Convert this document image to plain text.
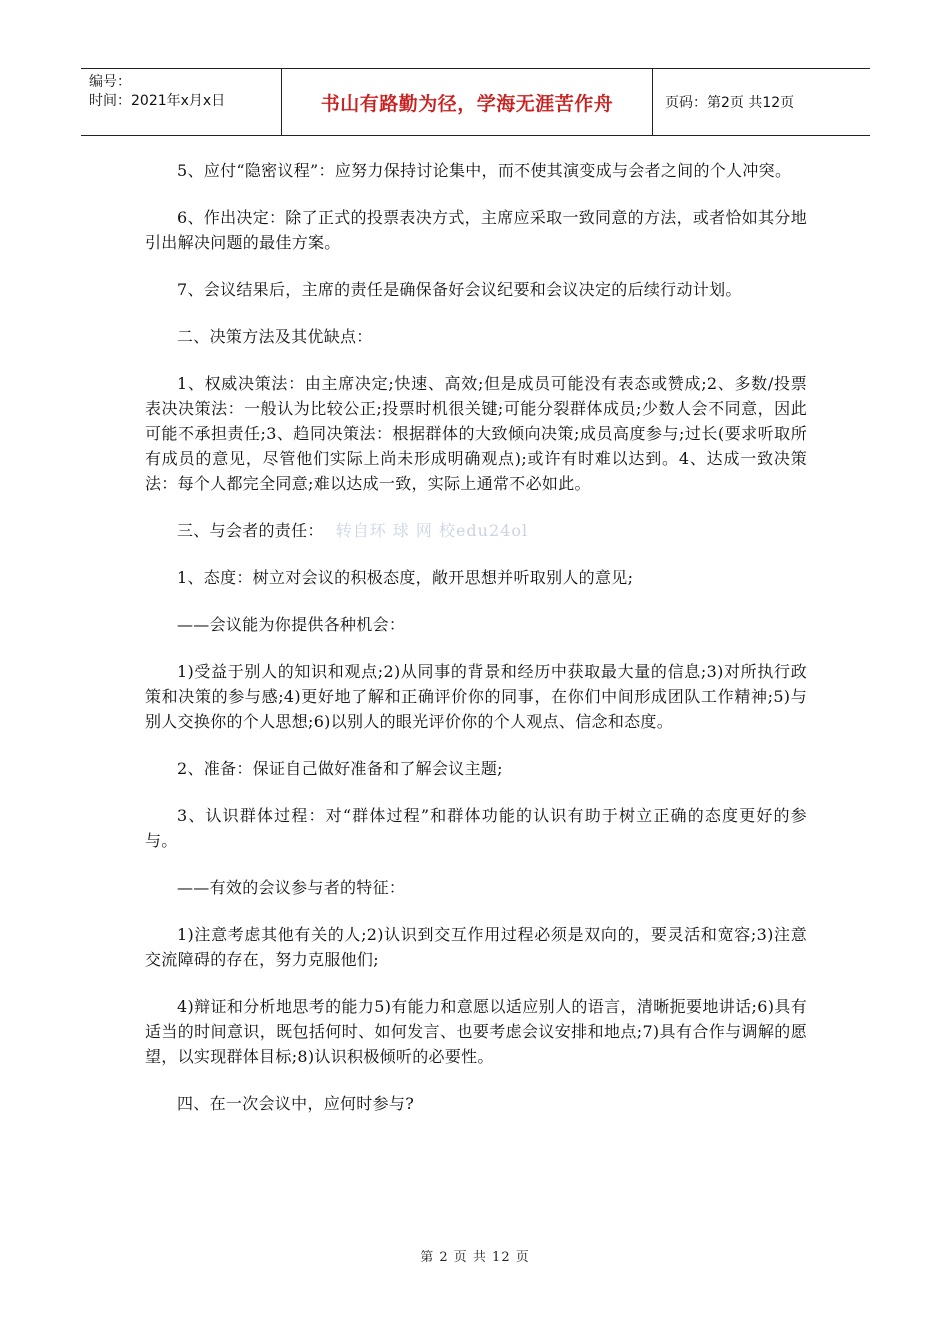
编号：
时间：2021年x月x日	书山有路勤为径，学海无涯苦作舟	页码：第2页 共12页

5、应付“隐密议程”：应努力保持讨论集中，而不使其演变成与会者之间的个人冲突。

6、作出决定：除了正式的投票表决方式，主席应采取一致同意的方法，或者恰如其分地引出解决问题的最佳方案。

7、会议结果后，主席的责任是确保备好会议纪要和会议决定的后续行动计划。

二、决策方法及其优缺点：

1、权威决策法：由主席决定;快速、高效;但是成员可能没有表态或赞成;2、多数/投票表决决策法：一般认为比较公正;投票时机很关键;可能分裂群体成员;少数人会不同意，因此可能不承担责任;3、趋同决策法：根据群体的大致倾向决策;成员高度参与;过长(要求听取所有成员的意见，尽管他们实际上尚未形成明确观点);或许有时难以达到。4、达成一致决策法：每个人都完全同意;难以达成一致，实际上通常不必如此。

三、与会者的责任： 转自环 球 网 校edu24ol

1、态度：树立对会议的积极态度，敞开思想并听取别人的意见;

——会议能为你提供各种机会：

1)受益于别人的知识和观点;2)从同事的背景和经历中获取最大量的信息;3)对所执行政策和决策的参与感;4)更好地了解和正确评价你的同事，在你们中间形成团队工作精神;5)与别人交换你的个人思想;6)以别人的眼光评价你的个人观点、信念和态度。

2、准备：保证自己做好准备和了解会议主题;

3、认识群体过程：对“群体过程”和群体功能的认识有助于树立正确的态度更好的参与。

——有效的会议参与者的特征：

1)注意考虑其他有关的人;2)认识到交互作用过程必须是双向的，要灵活和宽容;3)注意交流障碍的存在，努力克服他们;

4)辩证和分析地思考的能力5)有能力和意愿以适应别人的语言，清晰扼要地讲话;6)具有适当的时间意识，既包括何时、如何发言、也要考虑会议安排和地点;7)具有合作与调解的愿望，以实现群体目标;8)认识积极倾听的必要性。

四、在一次会议中，应何时参与?

第 2 页 共 12 页
